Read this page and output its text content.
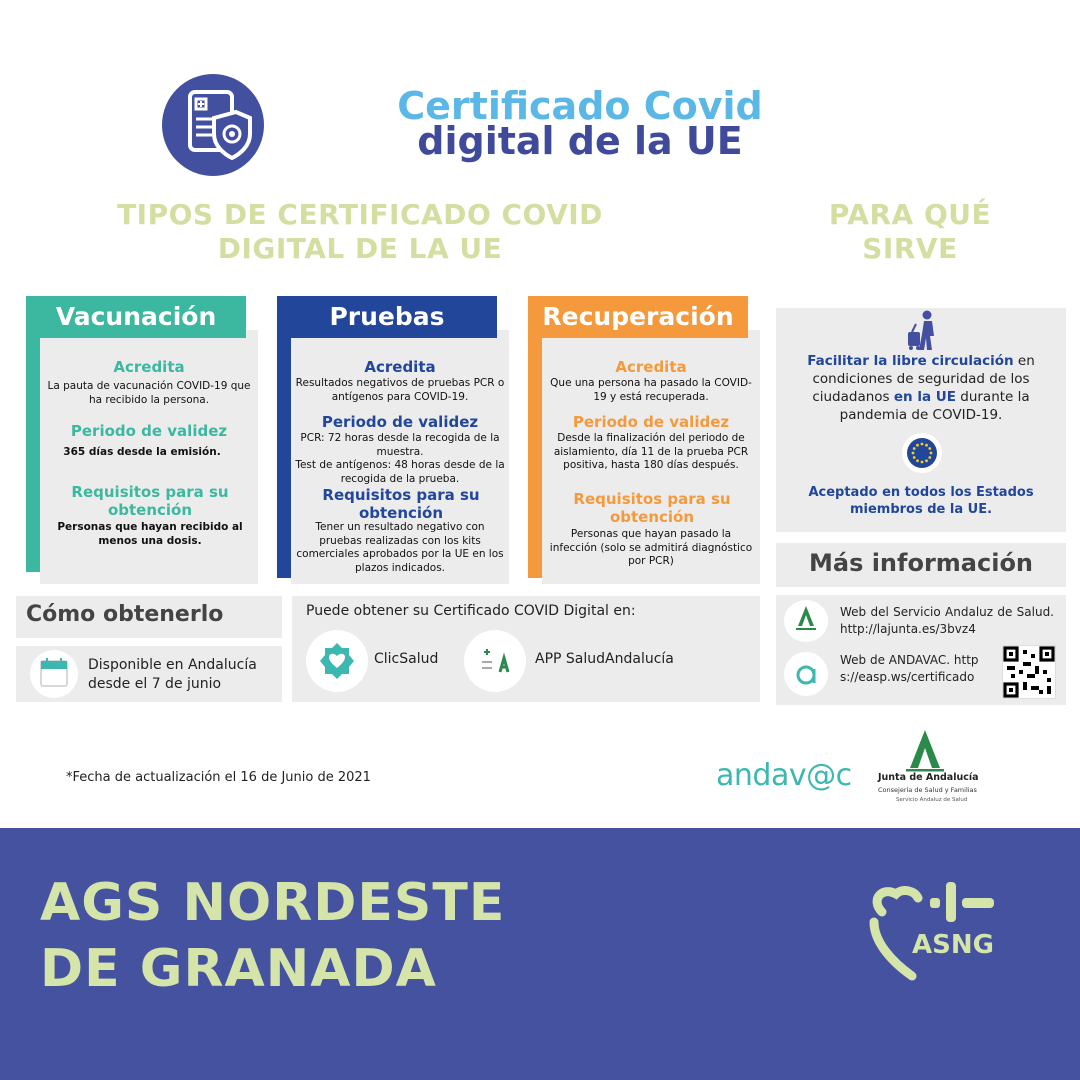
Certificado Covid
digital de la UE
TIPOS DE CERTIFICADO COVID
DIGITAL DE LA UE
PARA QUÉ
SIRVE
Vacunación
Acredita
La pauta de vacunación COVID-19 que ha recibido la persona.
Periodo de validez
365 días desde la emisión.
Requisitos para su obtención
Personas que hayan recibido al menos una dosis.
Pruebas
Acredita
Resultados negativos de pruebas PCR o antígenos para COVID-19.
Periodo de validez
PCR: 72 horas desde la recogida de la muestra.
Test de antígenos: 48 horas desde de la recogida de la prueba.
Requisitos para su obtención
Tener un resultado negativo con pruebas realizadas con los kits comerciales aprobados por la UE en los plazos indicados.
Recuperación
Acredita
Que una persona ha pasado la COVID-19 y está recuperada.
Periodo de validez
Desde la finalización del periodo de aislamiento, día 11 de la prueba PCR positiva, hasta 180 días después.
Requisitos para su obtención
Personas que hayan pasado la infección (solo se admitirá diagnóstico por PCR)
Facilitar la libre circulación en condiciones de seguridad de los ciudadanos en la UE durante la pandemia de COVID-19.
Aceptado en todos los Estados miembros de la UE.
Más información
Web del Servicio Andaluz de Salud. http://lajunta.es/3bvz4
Web de ANDAVAC. https://easp.ws/certificado
Cómo obtenerlo
Disponible en Andalucía
desde el 7 de junio
Puede obtener su Certificado COVID Digital en:
ClicSalud	APP SaludAndalucía
*Fecha de actualización el 16 de Junio de 2021	andav@c	Junta de Andalucía
Consejería de Salud y Familias
Servicio Andaluz de Salud
AGS NORDESTE
DE GRANADA	ASNG
